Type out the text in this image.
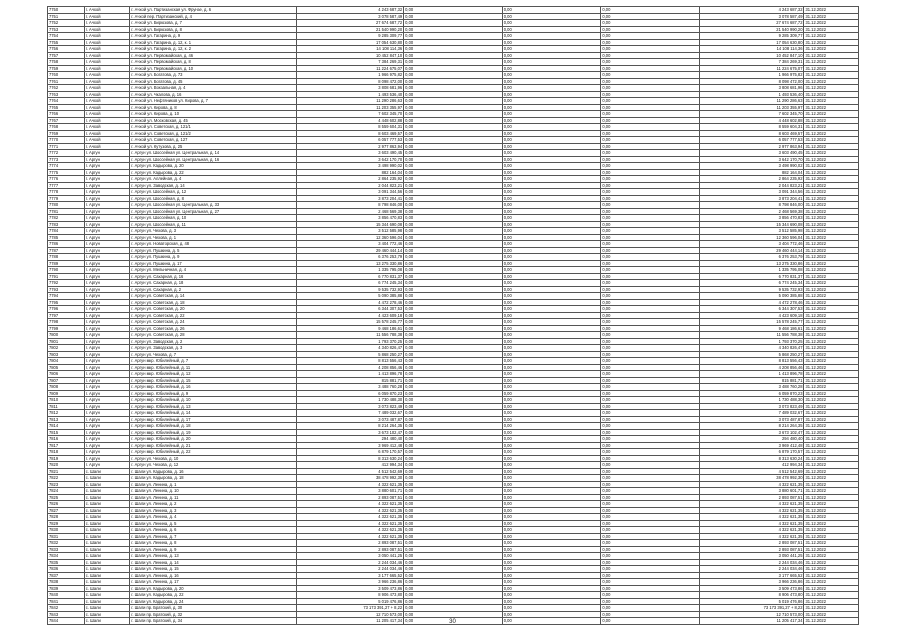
7750	г. Ачхой	г. Ачхой ул. Партизанская ул. Фрунзе, д. 6	4 243 687,32	0,00	0,00	0,00	4 243 687,32	31.12.2022
7751	г. Ачхой	г. Ачхой пер. Партизанский, д. 4	3 078 587,49	0,00	0,00	0,00	3 078 587,49	31.12.2022
7752	г. Ачхой	г. Ачхой ул. Бирюзова, д. 7	27 674 687,72	0,00	0,00	0,00	27 674 687,72	31.12.2022
7753	г. Ачхой	г. Ачхой ул. Бирюзова, д. 8	21 540 990,20	0,00	0,00	0,00	21 540 990,20	31.12.2022
7754	г. Ачхой	г. Ачхой ул. Гагарина, д. 9	9 285 309,77	0,00	0,00	0,00	9 285 309,77	31.12.2022
7755	г. Ачхой	г. Ачхой ул. Гагарина, д. 12, к. 1	17 054 630,80	0,00	0,00	0,00	17 054 630,80	31.12.2022
7756	г. Ачхой	г. Ачхой ул. Гагарина, д. 12, к. 2	14 108 114,36	0,00	0,00	0,00	14 108 114,36	31.12.2022
7757	г. Ачхой	г. Ачхой ул. Первомайская, д. 46	10 452 847,10	0,00	0,00	0,00	10 452 847,10	31.12.2022
7758	г. Ачхой	г. Ачхой ул. Первомайская, д. 8	7 384 269,31	0,00	0,00	0,00	7 384 269,31	31.12.2022
7759	г. Ачхой	г. Ачхой ул. Первомайская, д. 10	11 224 675,07	0,00	0,00	0,00	11 224 675,07	31.12.2022
7760	г. Ачхой	г. Ачхой ул. Богатова, д. 73	1 966 975,82	0,00	0,00	0,00	1 966 975,82	31.12.2022
7761	г. Ачхой	г. Ачхой ул. Богатова, д. 45	8 098 472,00	0,00	0,00	0,00	8 098 472,00	31.12.2022
7762	г. Ачхой	г. Ачхой ул. Вокзальная, д. 4	3 808 681,96	0,00	0,00	0,00	3 808 681,96	31.12.2022
7763	г. Ачхой	г. Ачхой ул. Чкалова, д. 16	1 493 536,40	0,00	0,00	0,00	1 493 536,40	31.12.2022
7764	г. Ачхой	г. Ачхой ул. Нефтяников ул. Кирова, д. 7	11 290 286,63	0,00	0,00	0,00	11 290 286,63	31.12.2022
7765	г. Ачхой	г. Ачхой ул. Кирова, д. 8	11 203 355,97	0,00	0,00	0,00	11 203 355,97	31.12.2022
7766	г. Ачхой	г. Ачхой ул. Кирова, д. 10	7 602 345,70	0,00	0,00	0,00	7 602 345,70	31.12.2022
7767	г. Ачхой	г. Ачхой ул. Московская, д. 45	4 448 602,88	0,00	0,00	0,00	4 448 602,88	31.12.2022
7768	г. Ачхой	г. Ачхой ул. Советская, д. 121/1	8 559 604,31	0,00	0,00	0,00	8 559 604,31	31.12.2022
7769	г. Ачхой	г. Ачхой ул. Советская, д. 121/2	8 603 469,57	0,00	0,00	0,00	8 603 469,57	31.12.2022
7770	г. Ачхой	г. Ачхой ул. Советская, д. 127	6 057 777,53	0,00	0,00	0,00	6 057 777,53	31.12.2022
7771	г. Ачхой	г. Ачхой ул. Кутузова, д. 25	2 977 863,94	0,00	0,00	0,00	2 977 863,94	31.12.2022
7772	г. Аргун	г. Аргун ул. Шоссейная ул. Центральная, д. 14	3 603 490,45	0,00	0,00	0,00	3 603 490,45	31.12.2022
7773	г. Аргун	г. Аргун ул. Шоссейная ул. Центральная, д. 16	3 642 170,70	0,00	0,00	0,00	3 642 170,70	31.12.2022
7774	г. Аргун	г. Аргун ул. Кадырова, д. 20	3 498 990,02	0,00	0,00	0,00	3 498 990,02	31.12.2022
7775	г. Аргун	г. Аргун ул. Кадырова, д. 22	882 164,04	0,00	0,00	0,00	882 164,04	31.12.2022
7776	г. Аргун	г. Аргун ул. Аллейная, д. 4	2 864 235,92	0,00	0,00	0,00	2 864 235,92	31.12.2022
7777	г. Аргун	г. Аргун ул. Заводская, д. 14	2 044 823,21	0,00	0,00	0,00	2 044 823,21	31.12.2022
7778	г. Аргун	г. Аргун ул. Шоссейная, д. 12	3 091 344,56	0,00	0,00	0,00	3 091 344,56	31.12.2022
7779	г. Аргун	г. Аргун ул. Шоссейная, д. 8	3 873 204,41	0,00	0,00	0,00	3 873 204,41	31.12.2022
7780	г. Аргун	г. Аргун ул. Шоссейная ул. Центральная, д. 33	8 798 846,00	0,00	0,00	0,00	8 798 846,00	31.12.2022
7781	г. Аргун	г. Аргун ул. Шоссейная ул. Центральная, д. 27	2 468 569,38	0,00	0,00	0,00	2 468 569,38	31.12.2022
7782	г. Аргун	г. Аргун ул. Шоссейная, д. 10	3 856 470,83	0,00	0,00	0,00	3 856 470,83	31.12.2022
7783	г. Аргун	г. Аргун ул. Шоссейная, д. 11	15 344 690,08	0,00	0,00	0,00	15 344 690,08	31.12.2022
7784	г. Аргун	г. Аргун ул. Чехова, д. 3	3 512 585,98	0,00	0,00	0,00	3 512 585,98	31.12.2022
7785	г. Аргун	г. Аргун ул. Чехова, д. 1	12 360 596,04	0,00	0,00	0,00	12 360 596,04	31.12.2022
7786	г. Аргун	г. Аргун ул. Новаторская, д. 48	3 404 772,46	0,00	0,00	0,00	3 404 772,46	31.12.2022
7787	г. Аргун	г. Аргун ул. Пушкина, д. 5	29 460 444,14	0,00	0,00	0,00	29 460 444,14	31.12.2022
7788	г. Аргун	г. Аргун ул. Пушкина, д. 9	6 376 253,79	0,00	0,00	0,00	6 376 253,79	31.12.2022
7789	г. Аргун	г. Аргун ул. Пушкина, д. 17	13 275 330,86	0,00	0,00	0,00	13 275 330,86	31.12.2022
7790	г. Аргун	г. Аргун ул. Мельничная, д. 4	1 335 795,08	0,00	0,00	0,00	1 335 795,08	31.12.2022
7791	г. Аргун	г. Аргун ул. Сахарная, д. 16	6 770 831,37	0,00	0,00	0,00	6 770 831,37	31.12.2022
7792	г. Аргун	г. Аргун ул. Сахарная, д. 18	6 774 245,34	0,00	0,00	0,00	6 774 245,34	31.12.2022
7793	г. Аргун	г. Аргун ул. Сахарная, д. 2	9 535 732,93	0,00	0,00	0,00	9 535 732,93	31.12.2022
7794	г. Аргун	г. Аргун ул. Советская, д. 14	5 090 385,88	0,00	0,00	0,00	5 090 385,88	31.12.2022
7795	г. Аргун	г. Аргун ул. Советская, д. 18	4 472 278,46	0,00	0,00	0,00	4 472 278,46	31.12.2022
7796	г. Аргун	г. Аргун ул. Советская, д. 20	6 344 307,53	0,00	0,00	0,00	6 344 307,53	31.12.2022
7797	г. Аргун	г. Аргун ул. Советская, д. 22	4 423 609,18	0,00	0,00	0,00	4 423 609,18	31.12.2022
7798	г. Аргун	г. Аргун ул. Советская, д. 24	15 578 245,77	0,00	0,00	0,00	15 578 245,77	31.12.2022
7799	г. Аргун	г. Аргун ул. Советская, д. 26	9 468 186,61	0,00	0,00	0,00	9 468 186,61	31.12.2022
7800	г. Аргун	г. Аргун ул. Советская, д. 28	11 556 788,38	0,00	0,00	0,00	11 556 788,38	31.12.2022
7801	г. Аргун	г. Аргун ул. Заводская, д. 2	1 793 370,25	0,00	0,00	0,00	1 793 370,25	31.12.2022
7802	г. Аргун	г. Аргун ул. Заводская, д. 3	4 340 826,47	0,00	0,00	0,00	4 340 826,47	31.12.2022
7803	г. Аргун	г. Аргун ул. Чехова, д. 7	5 868 250,27	0,00	0,00	0,00	5 868 250,27	31.12.2022
7804	г. Аргун	г. Аргун мкр. Юбилейный, д. 7	8 813 556,43	0,00	0,00	0,00	8 813 556,43	31.12.2022
7805	г. Аргун	г. Аргун мкр. Юбилейный, д. 11	4 208 856,46	0,00	0,00	0,00	4 208 856,46	31.12.2022
7806	г. Аргун	г. Аргун мкр. Юбилейный, д. 12	1 413 896,78	0,00	0,00	0,00	1 413 896,78	31.12.2022
7807	г. Аргун	г. Аргун мкр. Юбилейный, д. 15	815 881,71	0,00	0,00	0,00	815 881,71	31.12.2022
7808	г. Аргун	г. Аргун мкр. Юбилейный, д. 16	3 488 760,28	0,00	0,00	0,00	3 488 760,28	31.12.2022
7809	г. Аргун	г. Аргун мкр. Юбилейный, д. 9	6 059 870,23	0,00	0,00	0,00	6 059 870,23	31.12.2022
7810	г. Аргун	г. Аргун мкр. Юбилейный, д. 10	1 730 488,30	0,00	0,00	0,00	1 730 488,30	31.12.2022
7811	г. Аргун	г. Аргун мкр. Юбилейный, д. 13	3 073 823,49	0,00	0,00	0,00	3 073 823,49	31.12.2022
7812	г. Аргун	г. Аргун мкр. Юбилейный, д. 14	7 489 032,67	0,00	0,00	0,00	7 489 032,67	31.12.2022
7813	г. Аргун	г. Аргун мкр. Юбилейный, д. 17	3 073 487,87	0,00	0,00	0,00	3 073 487,87	31.12.2022
7814	г. Аргун	г. Аргун мкр. Юбилейный, д. 18	8 214 264,35	0,00	0,00	0,00	8 214 264,35	31.12.2022
7815	г. Аргун	г. Аргун мкр. Юбилейный, д. 19	3 673 102,47	0,00	0,00	0,00	3 673 102,47	31.12.2022
7816	г. Аргун	г. Аргун мкр. Юбилейный, д. 20	294 480,40	0,00	0,00	0,00	294 480,40	31.12.2022
7817	г. Аргун	г. Аргун мкр. Юбилейный, д. 21	3 969 412,48	0,00	0,00	0,00	3 969 412,48	31.12.2022
7818	г. Аргун	г. Аргун мкр. Юбилейный, д. 22	6 879 170,57	0,00	0,00	0,00	6 879 170,57	31.12.2022
7819	г. Аргун	г. Аргун ул. Чехова, д. 10	8 313 630,24	0,00	0,00	0,00	8 313 630,24	31.12.2022
7820	г. Аргун	г. Аргун ул. Чехова, д. 12	412 994,34	0,00	0,00	0,00	412 994,34	31.12.2022
7821	с. Шали	г. Шали ул. Кадырова, д. 16	4 512 542,69	0,00	0,00	0,00	4 512 542,69	31.12.2022
7822	с. Шали	г. Шали ул. Кадырова, д. 18	38 478 992,30	0,00	0,00	0,00	38 478 992,30	31.12.2022
7823	с. Шали	г. Шали ул. Ленина, д. 1	4 322 621,35	0,00	0,00	0,00	4 322 621,35	31.12.2022
7824	с. Шали	г. Шали ул. Ленина, д. 10	3 880 601,71	0,00	0,00	0,00	3 880 601,71	31.12.2022
7825	с. Шали	г. Шали ул. Ленина, д. 11	2 893 087,51	0,00	0,00	0,00	2 893 087,51	31.12.2022
7826	с. Шали	г. Шали ул. Ленина, д. 2	4 322 621,35	0,00	0,00	0,00	4 322 621,35	31.12.2022
7827	с. Шали	г. Шали ул. Ленина, д. 3	4 322 621,35	0,00	0,00	0,00	4 322 621,35	31.12.2022
7828	с. Шали	г. Шали ул. Ленина, д. 4	4 322 621,35	0,00	0,00	0,00	4 322 621,35	31.12.2022
7829	с. Шали	г. Шали ул. Ленина, д. 5	4 322 621,35	0,00	0,00	0,00	4 322 621,35	31.12.2022
7830	с. Шали	г. Шали ул. Ленина, д. 6	4 322 621,35	0,00	0,00	0,00	4 322 621,35	31.12.2022
7831	с. Шали	г. Шали ул. Ленина, д. 7	4 322 621,35	0,00	0,00	0,00	4 322 621,35	31.12.2022
7832	с. Шали	г. Шали ул. Ленина, д. 8	2 893 087,51	0,00	0,00	0,00	2 893 087,51	31.12.2022
7833	с. Шали	г. Шали ул. Ленина, д. 9	2 893 087,51	0,00	0,00	0,00	2 893 087,51	31.12.2022
7834	с. Шали	г. Шали ул. Ленина, д. 13	3 050 441,25	0,00	0,00	0,00	3 050 441,25	31.12.2022
7835	с. Шали	г. Шали ул. Ленина, д. 14	2 244 034,46	0,00	0,00	0,00	2 244 034,46	31.12.2022
7836	с. Шали	г. Шали ул. Ленина, д. 15	2 244 034,46	0,00	0,00	0,00	2 244 034,46	31.12.2022
7837	с. Шали	г. Шали ул. Ленина, д. 16	3 177 665,52	0,00	0,00	0,00	3 177 665,52	31.12.2022
7838	с. Шали	г. Шали ул. Ленина, д. 17	3 966 236,86	0,00	0,00	0,00	3 966 236,86	31.12.2022
7839	с. Шали	г. Шали ул. Кадырова, д. 20	3 509 473,86	0,00	0,00	0,00	3 509 473,86	31.12.2022
7840	с. Шали	г. Шали ул. Кадырова, д. 22	8 906 473,80	0,00	0,00	0,00	8 906 473,80	31.12.2022
7841	с. Шали	г. Шали ул. Кадырова, д. 24	5 019 476,86	0,00	0,00	0,00	5 019 476,86	31.12.2022
7842	с. Шали	г. Шали пр. Братский, д. 30	73 173 391,27 + 8,22	0,00	0,00	0,00	73 173 391,27 + 8,22	31.12.2022
7843	с. Шали	г. Шали пр. Братский, д. 32	12 710 573,00	0,00	0,00	0,00	12 710 573,00	31.12.2022
7844	с. Шали	г. Шали пр. Братский, д. 34	11 205 417,34	0,00	0,00	0,00	11 205 417,34	31.12.2022
30
